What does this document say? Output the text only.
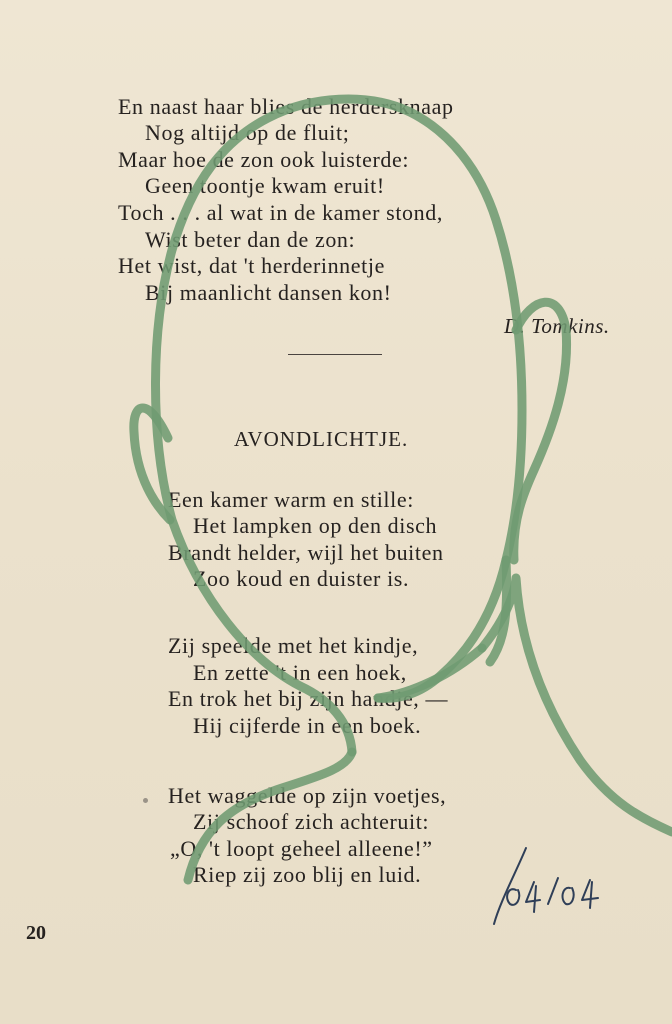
En naast haar blies de herdersknaap
Nog altijd op de fluit;
Maar hoe de zon ook luisterde:
Geen toontje kwam eruit!
Toch . . . al wat in de kamer stond,
Wist beter dan de zon:
Het wist, dat 't herderinnetje
Bij maanlicht dansen kon!
D. Tomkins.
AVONDLICHTJE.
Een kamer warm en stille:
Het lampken op den disch
Brandt helder, wijl het buiten
Zoo koud en duister is.
Zij speelde met het kindje,
En zette 't in een hoek,
En trok het bij zijn handje, —
Hij cijferde in een boek.
Het waggelde op zijn voetjes,
Zij schoof zich achteruit:
„O, 't loopt geheel alleene!”
Riep zij zoo blij en luid.
20
